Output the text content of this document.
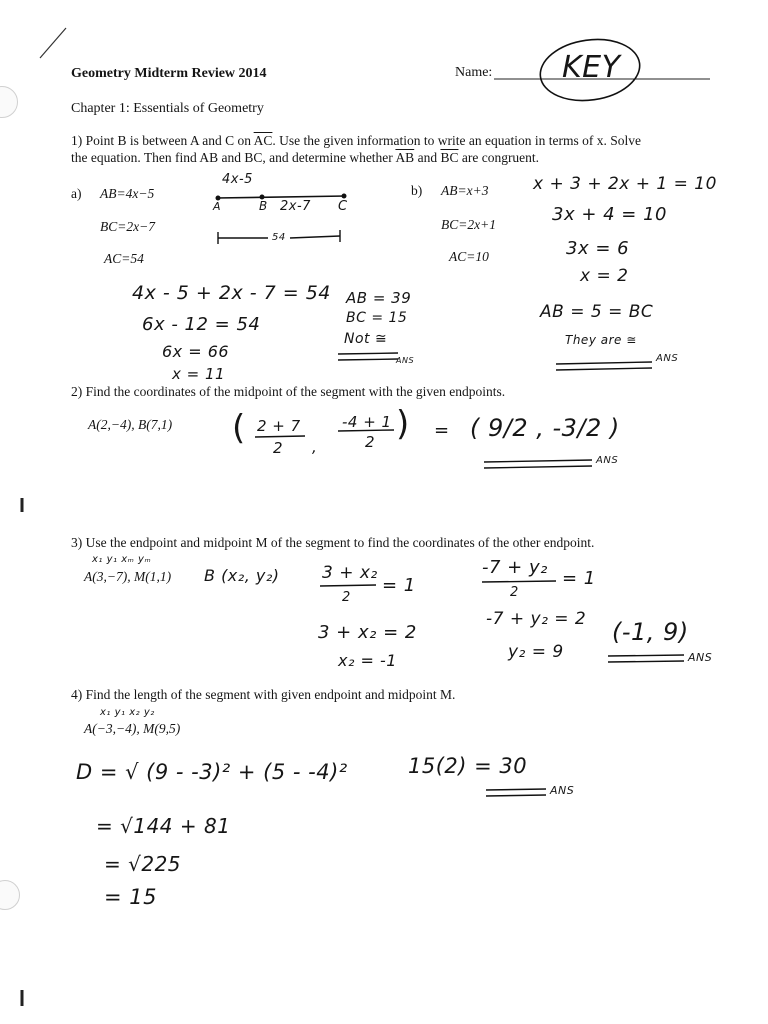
Geometry Midterm Review 2014	Name: KEY
Chapter 1: Essentials of Geometry
1) Point B is between A and C on $\overline{AC}$. Use the given information to write an equation in terms of x. Solve
the equation. Then find AB and BC, and determine whether $\overline{AB}$ and $\overline{BC}$ are congruent.
a) AB=4x−5
BC=2x−7
AC=54
4x-5
A	B 2x-7 C
54
4x - 5 + 2x - 7 = 54
6x - 12 = 54
6x = 66
x = 11
AB = 39
BC = 15
Not ≅
ANS
b) AB=x+3
BC=2x+1
AC=10
x + 3 + 2x + 1 = 10
3x + 4 = 10
3x = 6
x = 2
AB = 5 = BC
They are ≅
ANS
2) Find the coordinates of the midpoint of the segment with the given endpoints.
A(2,−4), B(7,1) ( 2 + 7
2 ,
-4 + 1
2 ) = ( 9/2 , -3/2 )
ANS
3) Use the endpoint and midpoint M of the segment to find the coordinates of the other endpoint.
x₁ y₁ xₘ yₘ
A(3,−7), M(1,1) B (x₂, y₂)	3 + x₂
2
= 1
3 + x₂ = 2
x₂ = -1
-7 + y₂
2
= 1
-7 + y₂ = 2
y₂ = 9
(-1, 9)
ANS
4) Find the length of the segment with given endpoint and midpoint M.
x₁ y₁ x₂ y₂
A(−3,−4), M(9,5)
D = √ (9 - -3)² + (5 - -4)²
= √144 + 81
= √225
= 15
15(2) = 30
ANS
